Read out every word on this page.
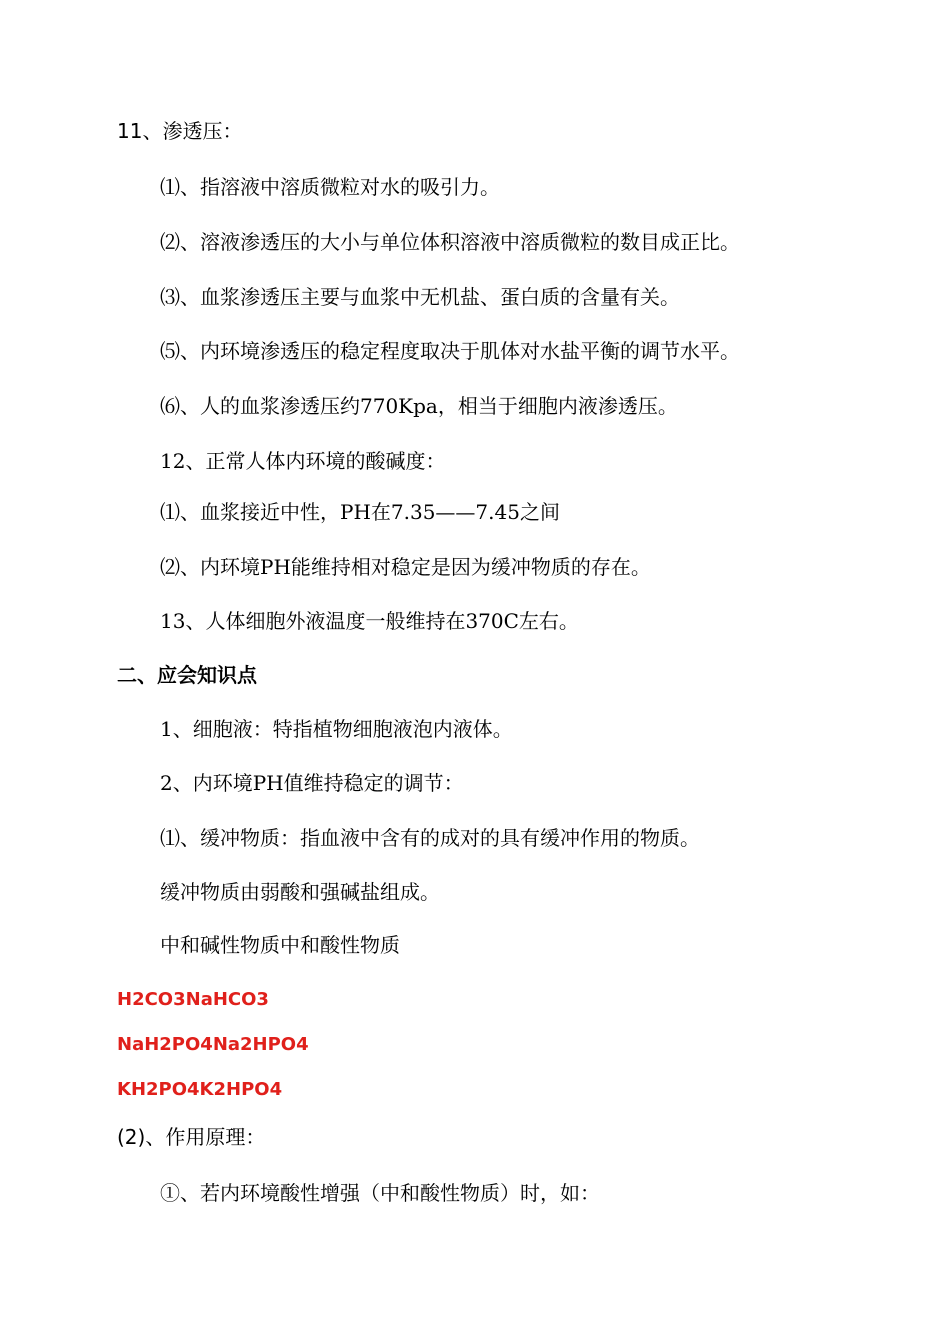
11、渗透压：
⑴、指溶液中溶质微粒对水的吸引力。
⑵、溶液渗透压的大小与单位体积溶液中溶质微粒的数目成正比。
⑶、血浆渗透压主要与血浆中无机盐、蛋白质的含量有关。
⑸、内环境渗透压的稳定程度取决于肌体对水盐平衡的调节水平。
⑹、人的血浆渗透压约770Kpa，相当于细胞内液渗透压。
12、正常人体内环境的酸碱度：
⑴、血浆接近中性，PH在7.35——7.45之间
⑵、内环境PH能维持相对稳定是因为缓冲物质的存在。
13、人体细胞外液温度一般维持在370C左右。
二、应会知识点
1、细胞液：特指植物细胞液泡内液体。
2、内环境PH值维持稳定的调节：
⑴、缓冲物质：指血液中含有的成对的具有缓冲作用的物质。
缓冲物质由弱酸和强碱盐组成。
中和碱性物质中和酸性物质
H2CO3NaHCO3
NaH2PO4Na2HPO4
KH2PO4K2HPO4
(2)、作用原理：
①、若内环境酸性增强（中和酸性物质）时，如：
